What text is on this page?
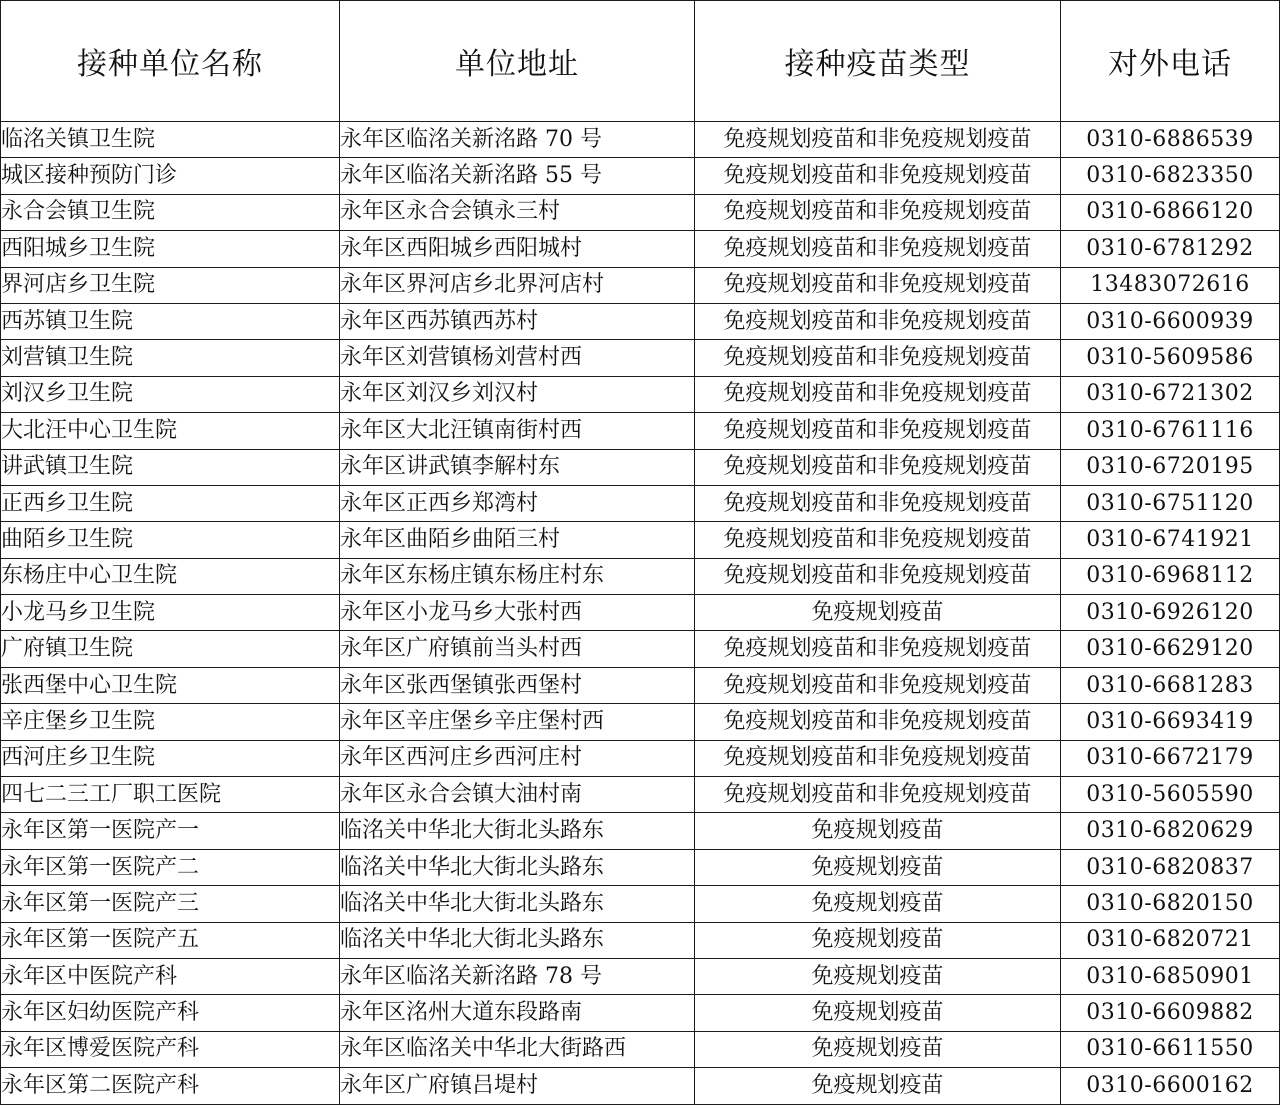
接种单位名称	单位地址	接种疫苗类型	对外电话
临洺关镇卫生院	永年区临洺关新洺路 70 号	免疫规划疫苗和非免疫规划疫苗	0310-6886539
城区接种预防门诊	永年区临洺关新洺路 55 号	免疫规划疫苗和非免疫规划疫苗	0310-6823350
永合会镇卫生院	永年区永合会镇永三村	免疫规划疫苗和非免疫规划疫苗	0310-6866120
西阳城乡卫生院	永年区西阳城乡西阳城村	免疫规划疫苗和非免疫规划疫苗	0310-6781292
界河店乡卫生院	永年区界河店乡北界河店村	免疫规划疫苗和非免疫规划疫苗	13483072616
西苏镇卫生院	永年区西苏镇西苏村	免疫规划疫苗和非免疫规划疫苗	0310-6600939
刘营镇卫生院	永年区刘营镇杨刘营村西	免疫规划疫苗和非免疫规划疫苗	0310-5609586
刘汉乡卫生院	永年区刘汉乡刘汉村	免疫规划疫苗和非免疫规划疫苗	0310-6721302
大北汪中心卫生院	永年区大北汪镇南街村西	免疫规划疫苗和非免疫规划疫苗	0310-6761116
讲武镇卫生院	永年区讲武镇李解村东	免疫规划疫苗和非免疫规划疫苗	0310-6720195
正西乡卫生院	永年区正西乡郑湾村	免疫规划疫苗和非免疫规划疫苗	0310-6751120
曲陌乡卫生院	永年区曲陌乡曲陌三村	免疫规划疫苗和非免疫规划疫苗	0310-6741921
东杨庄中心卫生院	永年区东杨庄镇东杨庄村东	免疫规划疫苗和非免疫规划疫苗	0310-6968112
小龙马乡卫生院	永年区小龙马乡大张村西	免疫规划疫苗	0310-6926120
广府镇卫生院	永年区广府镇前当头村西	免疫规划疫苗和非免疫规划疫苗	0310-6629120
张西堡中心卫生院	永年区张西堡镇张西堡村	免疫规划疫苗和非免疫规划疫苗	0310-6681283
辛庄堡乡卫生院	永年区辛庄堡乡辛庄堡村西	免疫规划疫苗和非免疫规划疫苗	0310-6693419
西河庄乡卫生院	永年区西河庄乡西河庄村	免疫规划疫苗和非免疫规划疫苗	0310-6672179
四七二三工厂职工医院	永年区永合会镇大油村南	免疫规划疫苗和非免疫规划疫苗	0310-5605590
永年区第一医院产一	临洺关中华北大街北头路东	免疫规划疫苗	0310-6820629
永年区第一医院产二	临洺关中华北大街北头路东	免疫规划疫苗	0310-6820837
永年区第一医院产三	临洺关中华北大街北头路东	免疫规划疫苗	0310-6820150
永年区第一医院产五	临洺关中华北大街北头路东	免疫规划疫苗	0310-6820721
永年区中医院产科	永年区临洺关新洺路 78 号	免疫规划疫苗	0310-6850901
永年区妇幼医院产科	永年区洺州大道东段路南	免疫规划疫苗	0310-6609882
永年区博爱医院产科	永年区临洺关中华北大街路西	免疫规划疫苗	0310-6611550
永年区第二医院产科	永年区广府镇吕堤村	免疫规划疫苗	0310-6600162
